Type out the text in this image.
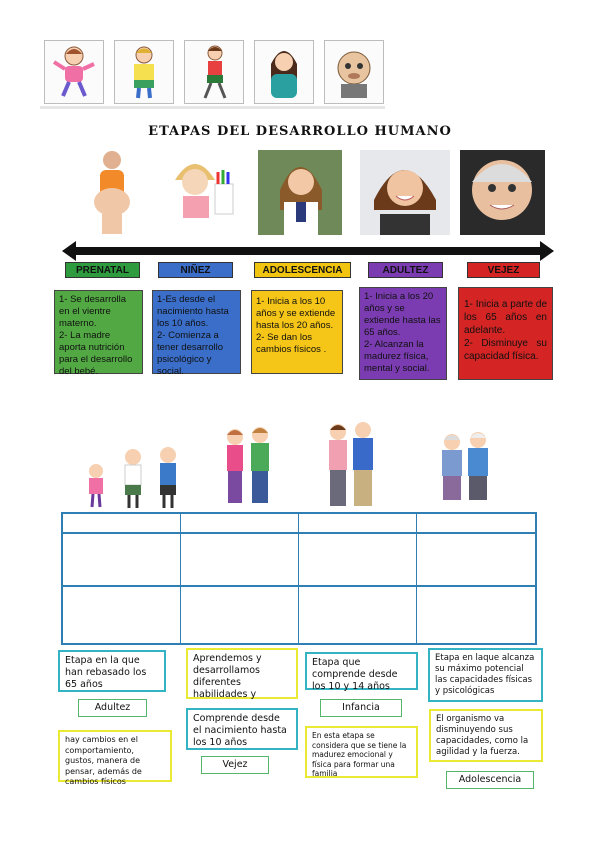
ETAPAS DEL DESARROLLO HUMANO
PRENATAL	NIÑEZ	ADOLESCENCIA	ADULTEZ	VEJEZ
1- Se desarrolla en el vientre materno.
2- La madre aporta nutrición para el desarrollo del bebé.
1-Es desde el nacimiento hasta los 10 años.
2- Comienza a tener desarrollo psicológico y social.
1- Inicia a los 10 años y se extiende hasta los 20 años.
2- Se dan los cambios físicos .
1- Inicia a los 20 años y se extiende hasta las 65 años.
2- Alcanzan la madurez física, mental y social.
1- Inicia a parte de los 65 años en adelante.
2- Disminuye su capacidad física.
Etapa en la que han rebasado los 65 años
Aprendemos y desarrollamos diferentes habilidades y
Etapa que comprende desde los 10 y 14 años
Etapa en laque alcanza su máximo potencial las capacidades físicas y psicológicas
Adultez	Infancia
hay cambios en el comportamiento, gustos, manera de pensar, además de cambios físicos
Comprende desde el nacimiento hasta los 10 años
En esta etapa se considera que se tiene la madurez emocional y física para formar una familia
El organismo va disminuyendo sus capacidades, como la agilidad y la fuerza.
Vejez
Adolescencia
